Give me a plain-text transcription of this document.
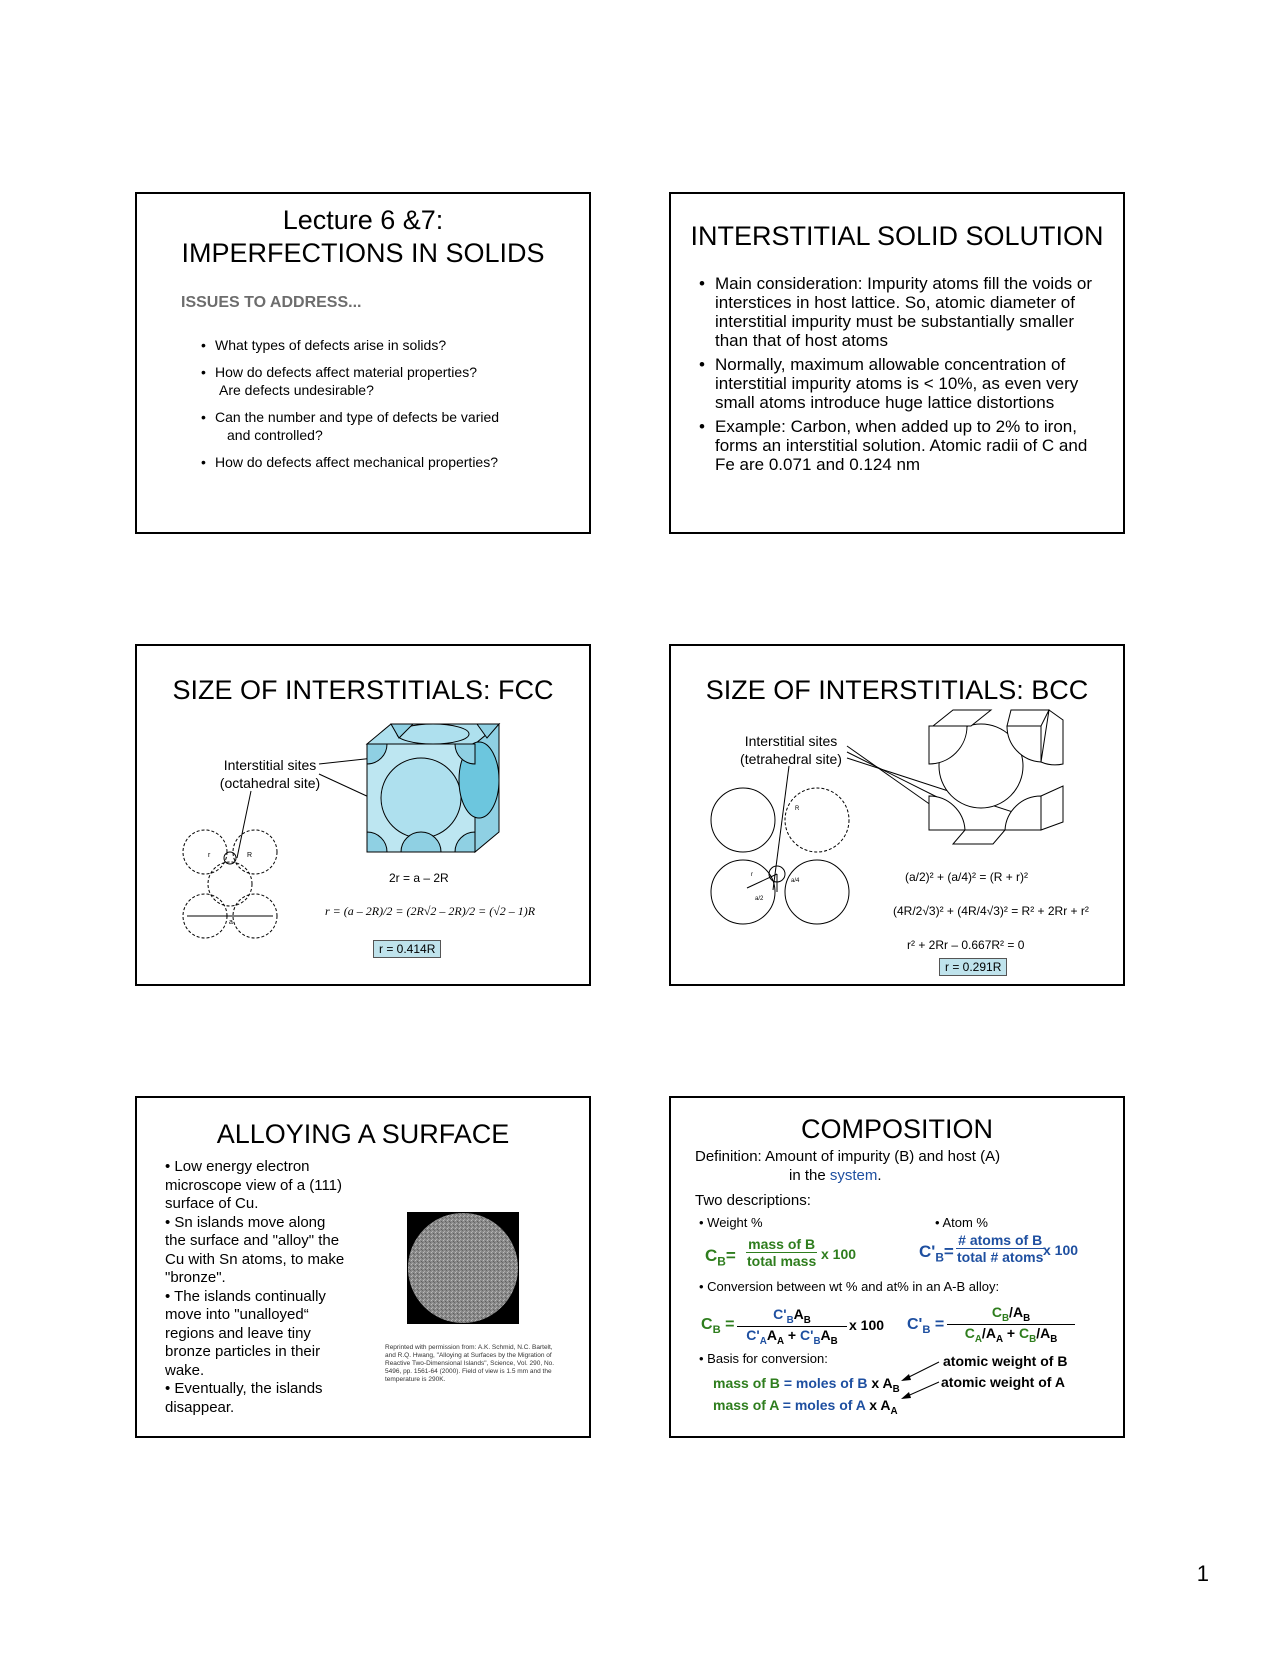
Lecture 6 &7:
IMPERFECTIONS IN SOLIDS
ISSUES TO ADDRESS...
• What types of defects arise in solids?
• How do defects affect material properties?
Are defects undesirable?
• Can the number and type of defects be varied
and controlled?
• How do defects affect mechanical properties?
INTERSTITIAL SOLID SOLUTION
• Main consideration: Impurity atoms fill the voids or interstices in host lattice. So, atomic diameter of interstitial impurity must be substantially smaller than that of host atoms
• Normally, maximum allowable concentration of interstitial impurity atoms is < 10%, as even very small atoms introduce huge lattice distortions
• Example: Carbon, when added up to 2% to iron, forms an interstitial solution. Atomic radii of C and Fe are 0.071 and 0.124 nm
SIZE OF INTERSTITIALS: FCC
Interstitial sites
(octahedral site)
r	R
a
2r = a – 2R
r = (a – 2R)/2 = (2R√2 – 2R)/2 = (√2 – 1)R
r = 0.414R
SIZE OF INTERSTITIALS: BCC
Interstitial sites
(tetrahedral site)
R
r
a/2
a/4	(a/2)² + (a/4)² = (R + r)²
(4R/2√3)² + (4R/4√3)² = R² + 2Rr + r²
r² + 2Rr – 0.667R² = 0
r = 0.291R
ALLOYING A SURFACE

• Low energy electron

microscope view of a (111)

surface of Cu.

• Sn islands move along

the surface and "alloy" the

Cu with Sn atoms, to make

"bronze".

• The islands continually

move into "unalloyed“

regions and leave tiny

bronze particles in their

wake.

• Eventually, the islands

disappear.

Reprinted with permission from: A.K. Schmid, N.C. Bartelt, and R.Q. Hwang, "Alloying at Surfaces by the Migration of Reactive Two-Dimensional Islands", Science, Vol. 290, No. 5496, pp. 1561-64 (2000). Field of view is 1.5 mm and the temperature is 290K.
COMPOSITION
Definition: Amount of impurity (B) and host (A)
in the system.
Two descriptions:
• Weight %	• Atom %
$C_B=$
mass of B
total mass x 100	$C'_B=$
# atoms of B
total # atoms x 100
• Conversion between wt % and at% in an A-B alloy:
$C_B$ =
$C'_BA_B$
$C'_AA_A + C'_BA_B$
x 100 $C'_B = \frac{C_B/A_B}{C_A/A_A + C_B/A_B}$
• Basis for conversion:	atomic weight of B
atomic weight of A
mass of B = moles of B x $A_B$
mass of A = moles of A x $A_A$
1
